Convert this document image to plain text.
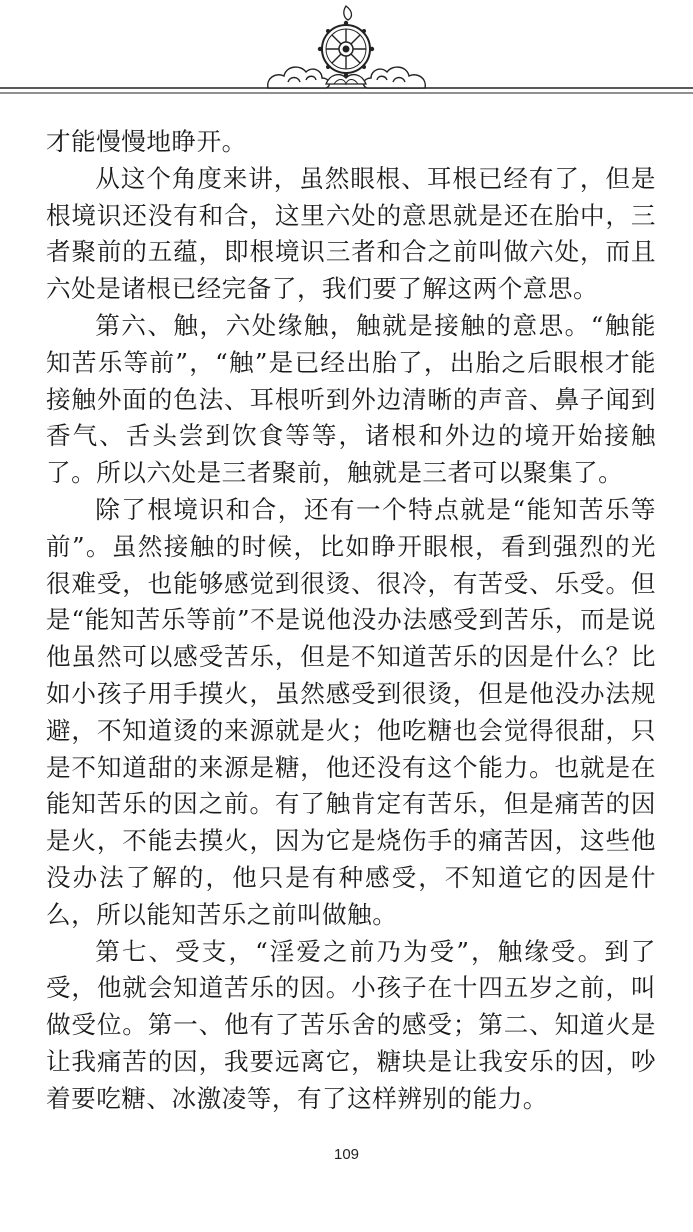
才能慢慢地睁开。

从这个角度来讲，虽然眼根、耳根已经有了，但是根境识还没有和合，这里六处的意思就是还在胎中，三者聚前的五蕴，即根境识三者和合之前叫做六处，而且六处是诸根已经完备了，我们要了解这两个意思。

第六、触，六处缘触，触就是接触的意思。“触能知苦乐等前”，“触”是已经出胎了，出胎之后眼根才能接触外面的色法、耳根听到外边清晰的声音、鼻子闻到香气、舌头尝到饮食等等，诸根和外边的境开始接触了。所以六处是三者聚前，触就是三者可以聚集了。

除了根境识和合，还有一个特点就是“能知苦乐等前”。虽然接触的时候，比如睁开眼根，看到强烈的光很难受，也能够感觉到很烫、很冷，有苦受、乐受。但是“能知苦乐等前”不是说他没办法感受到苦乐，而是说他虽然可以感受苦乐，但是不知道苦乐的因是什么？比如小孩子用手摸火，虽然感受到很烫，但是他没办法规避，不知道烫的来源就是火；他吃糖也会觉得很甜，只是不知道甜的来源是糖，他还没有这个能力。也就是在能知苦乐的因之前。有了触肯定有苦乐，但是痛苦的因是火，不能去摸火，因为它是烧伤手的痛苦因，这些他没办法了解的，他只是有种感受，不知道它的因是什么，所以能知苦乐之前叫做触。

第七、受支，“淫爱之前乃为受”，触缘受。到了受，他就会知道苦乐的因。小孩子在十四五岁之前，叫做受位。第一、他有了苦乐舍的感受；第二、知道火是让我痛苦的因，我要远离它，糖块是让我安乐的因，吵着要吃糖、冰激凌等，有了这样辨别的能力。

109
